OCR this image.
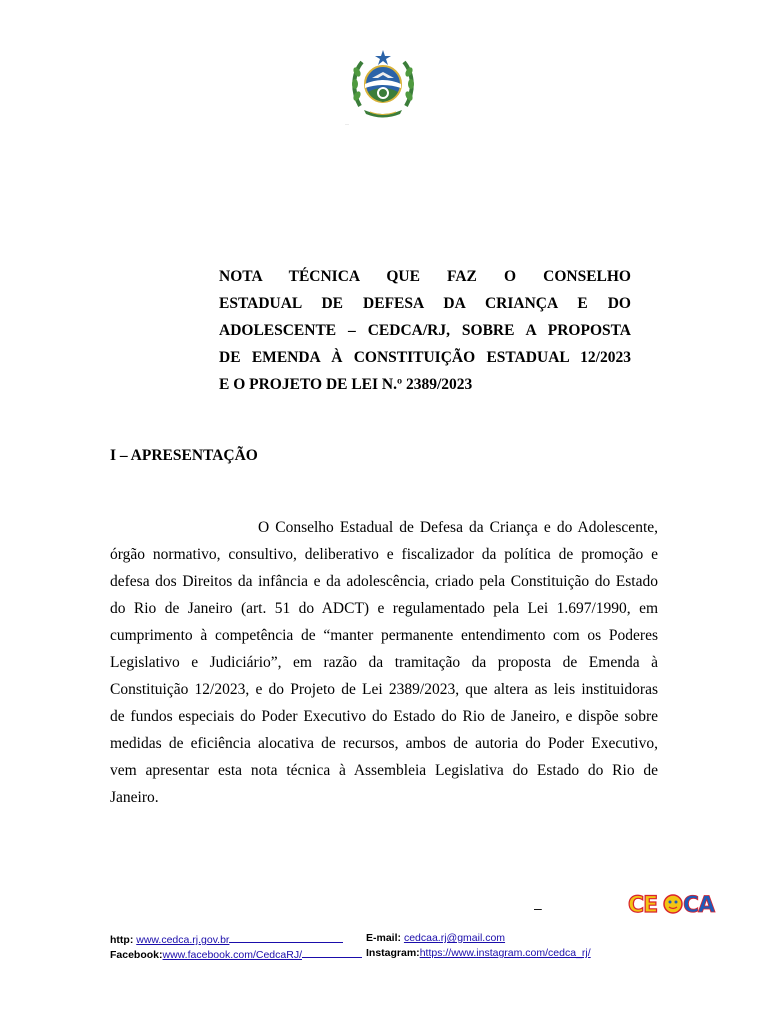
··
NOTA TÉCNICA QUE FAZ O CONSELHO
ESTADUAL DE DEFESA DA CRIANÇA E DO
ADOLESCENTE – CEDCA/RJ, SOBRE A PROPOSTA
DE EMENDA À CONSTITUIÇÃO ESTADUAL 12/2023
E O PROJETO DE LEI N.º 2389/2023
I – APRESENTAÇÃO
O Conselho Estadual de Defesa da Criança e do Adolescente,
órgão normativo, consultivo, deliberativo e fiscalizador da política de promoção e
defesa dos Direitos da infância e da adolescência, criado pela Constituição do Estado
do Rio de Janeiro (art. 51 do ADCT) e regulamentado pela Lei 1.697/1990, em
cumprimento à competência de “manter permanente entendimento com os Poderes
Legislativo e Judiciário”, em razão da tramitação da proposta de Emenda à
Constituição 12/2023, e do Projeto de Lei 2389/2023, que altera as leis instituidoras
de fundos especiais do Poder Executivo do Estado do Rio de Janeiro, e dispõe sobre
medidas de eficiência alocativa de recursos, ambos de autoria do Poder Executivo,
vem apresentar esta nota técnica à Assembleia Legislativa do Estado do Rio de
Janeiro.
–	CE CA
http: www.cedca.rj.gov.br	E-mail: cedcaa.rj@gmail.com
Facebook:www.facebook.com/CedcaRJ/	Instagram:https://www.instagram.com/cedca_rj/
